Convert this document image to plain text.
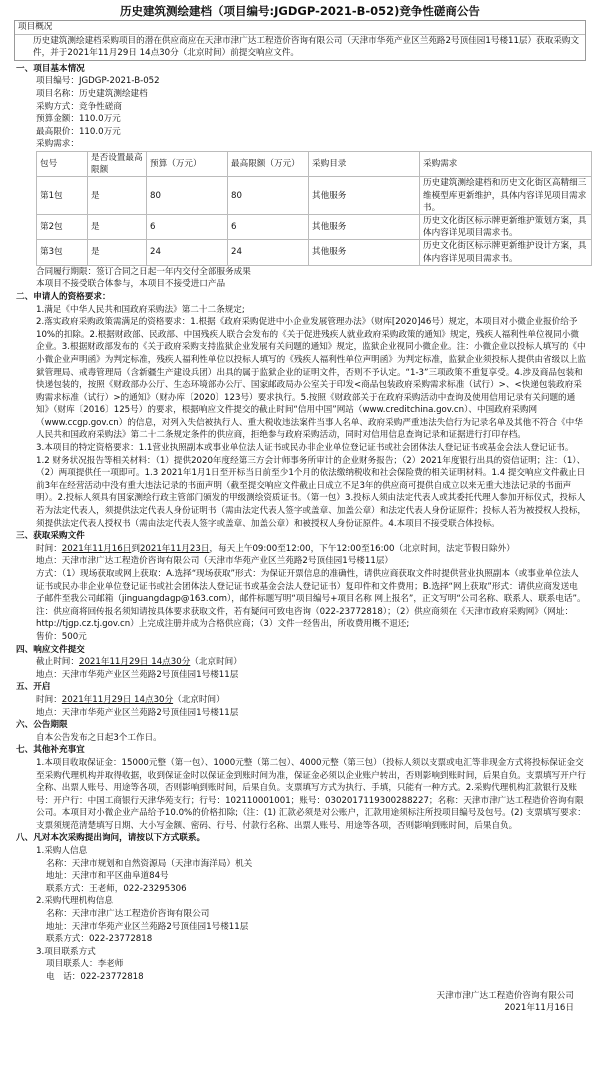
历史建筑测绘建档（项目编号:JGDGP-2021-B-052)竞争性磋商公告
项目概况
历史建筑测绘建档采购项目的潜在供应商应在天津市津广达工程造价咨询有限公司（天津市华苑产业区兰苑路2号顶佳园1号楼11层）获取采购文件，并于2021年11月29日 14点30分（北京时间）前提交响应文件。
一、项目基本情况
项目编号：JGDGP-2021-B-052
项目名称：历史建筑测绘建档
采购方式：竞争性磋商
预算金额：110.0万元
最高限价：110.0万元
采购需求：
包号	是否设置最高限额	预算（万元）	最高限额（万元）	采购目录	采购需求
第1包	是	80	80	其他服务	历史建筑测绘建档和历史文化街区高精细三维模型库更新维护，具体内容详见项目需求书。
第2包	是	6	6	其他服务	历史文化街区标示牌更新维护策划方案，具体内容详见项目需求书。
第3包	是	24	24	其他服务	历史文化街区标示牌更新维护设计方案，具体内容详见项目需求书。
合同履行期限：签订合同之日起一年内交付全部服务成果
本项目不接受联合体参与，本项目不接受进口产品
二、申请人的资格要求：
1.满足《中华人民共和国政府采购法》第二十二条规定;
2.落实政府采购政策需满足的资格要求：1.根据《政府采购促进中小企业发展管理办法》（财库[2020]46号）规定，本项目对小微企业报价给予10%的扣除。2.根据财政部、民政部、中国残疾人联合会发布的《关于促进残疾人就业政府采购政策的通知》规定，残疾人福利性单位视同小微企业。3.根据财政部发布的《关于政府采购支持监狱企业发展有关问题的通知》规定，监狱企业视同小微企业。注：小微企业以投标人填写的《中小微企业声明函》为判定标准，残疾人福利性单位以投标人填写的《残疾人福利性单位声明函》为判定标准，监狱企业须投标人提供由省级以上监狱管理局、戒毒管理局（含新疆生产建设兵团）出具的属于监狱企业的证明文件，否则不予认定。“1-3”三项政策不重复享受。4.涉及商品包装和快递包装的，按照《财政部办公厅、生态环境部办公厅、国家邮政局办公室关于印发<商品包装政府采购需求标准（试行）>、<快递包装政府采购需求标准（试行）>的通知》（财办库〔2020〕123号）要求执行。5.按照《财政部关于在政府采购活动中查询及使用信用记录有关问题的通知》（财库〔2016〕125号）的要求，根据响应文件提交的截止时间“信用中国”网站（www.creditchina.gov.cn）、中国政府采购网（www.ccgp.gov.cn）的信息，对列入失信被执行人、重大税收违法案件当事人名单、政府采购严重违法失信行为记录名单及其他不符合《中华人民共和国政府采购法》第二十二条规定条件的供应商，拒绝参与政府采购活动，同时对信用信息查询记录和证据进行打印存档。
3.本项目的特定资格要求：1.1营业执照副本或事业单位法人证书或民办非企业单位登记证书或社会团体法人登记证书或基金会法人登记证书。1.2 财务状况报告等相关材料：（1）提供2020年度经第三方会计师事务所审计的企业财务报告；（2）2021年度银行出具的资信证明；注：（1）、（2）两项提供任一项即可。1.3 2021年1月1日至开标当日前至少1个月的依法缴纳税收和社会保险费的相关证明材料。1.4 提交响应文件截止日前3年在经营活动中没有重大违法记录的书面声明（截至提交响应文件截止日成立不足3年的供应商可提供自成立以来无重大违法记录的书面声明）。2.投标人须具有国家测绘行政主管部门颁发的甲级测绘资质证书。（第一包）3.投标人须由法定代表人或其委托代理人参加开标仪式，投标人若为法定代表人，须提供法定代表人身份证明书（需由法定代表人签字或盖章、加盖公章）和法定代表人身份证原件；投标人若为被授权人投标，须提供法定代表人授权书（需由法定代表人签字或盖章、加盖公章）和被授权人身份证原件。4.本项目不接受联合体投标。
三、获取采购文件
时间：2021年11月16日到2021年11月23日，每天上午09:00至12:00，下午12:00至16:00（北京时间，法定节假日除外）
地点：天津市津广达工程造价咨询有限公司（天津市华苑产业区兰苑路2号顶佳园1号楼11层）
方式：（1）现场获取或网上获取：A.选择“现场获取”形式：为保证开票信息的准确性，请供应商获取文件时提供营业执照副本（或事业单位法人证书或民办非企业单位登记证书或社会团体法人登记证书或基金会法人登记证书）复印件和文件费用；B.选择“网上获取”形式：请供应商发送电子邮件至我公司邮箱（jinguangdagp@163.com），邮件标题写明“项目编号+项目名称 网上报名”，正文写明“公司名称、联系人、联系电话”。注：供应商将回传报名须知请按具体要求获取文件，若有疑问可致电咨询（022-23772818）；（2）供应商须在《天津市政府采购网》（网址：http://tjgp.cz.tj.gov.cn）上完成注册并成为合格供应商；（3）文件一经售出，所收费用概不退还;
售价：500元
四、响应文件提交
截止时间：2021年11月29日 14点30分（北京时间）
地点：天津市华苑产业区兰苑路2号顶佳园1号楼11层
五、开启
时间：2021年11月29日 14点30分（北京时间）
地点：天津市华苑产业区兰苑路2号顶佳园1号楼11层
六、公告期限
自本公告发布之日起3个工作日。
七、其他补充事宜
1.本项目收取保证金：15000元整（第一包）、1000元整（第二包）、4000元整（第三包）（投标人须以支票或电汇等非现金方式将投标保证金交至采购代理机构并取得收据，收到保证金时以保证金到账时间为准，保证金必须以企业账户转出，否则影响到账时间，后果自负。支票填写开户行全称、出票人账号、用途等各项，否则影响到账时间，后果自负。支票填写方式为执行、手填，只能有一种方式。2.采购代理机构汇款银行及账号：开户行：中国工商银行天津华苑支行；行号：102110001001；账号：0302017119300288227；名称：天津市津广达工程造价咨询有限公司。本项目对小微企业产品给予10.0%的价格扣除;（注：(1) 汇款必须是对公账户，汇款用途须标注所投项目编号及包号。(2) 支票填写要求：支票须规范清楚填写日期、大小写金额、密码、行号、付款行名称、出票人账号、用途等各项，否则影响到账时间，后果自负。
八、凡对本次采购提出询问，请按以下方式联系。
1.采购人信息
名称：天津市规划和自然资源局（天津市海洋局）机关
地址：天津市和平区曲阜道84号
联系方式：王老师，022-23295306
2.采购代理机构信息
名称：天津市津广达工程造价咨询有限公司
地址：天津市华苑产业区兰苑路2号顶佳园1号楼11层
联系方式：022-23772818
3.项目联系方式
项目联系人：李老师
电　话：022-23772818
天津市津广达工程造价咨询有限公司
2021年11月16日
